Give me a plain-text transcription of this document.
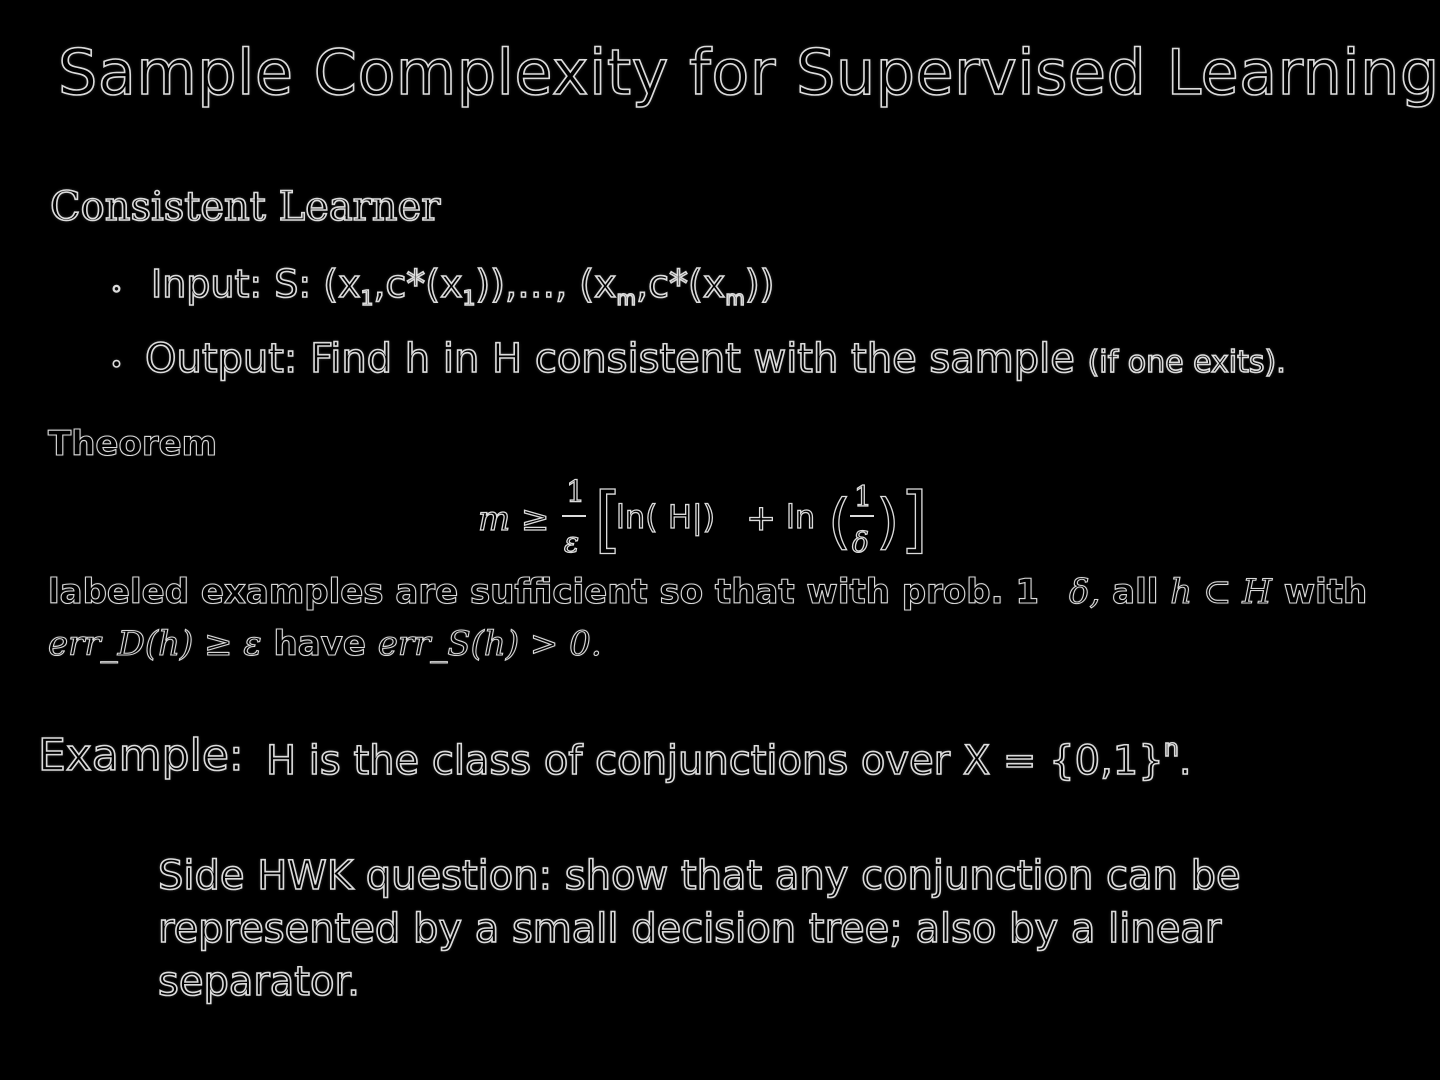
Sample Complexity for Supervised Learning
Consistent Learner
◦ Input: S: $(x_1,c*(x_1)),\dots$, $(x_m,c*(x_m))$
• Output: Find h in H consistent with the sample
(if one exits).
Theorem
m ≥
1
ε [
ln( H|) + ln ( 1
δ ) ]
labeled examples are sufficient so that with prob. 1 δ, all h ⊂ H with
err_D(h) ≥ ε have err_S(h) > 0.
Example: H is the class of conjunctions over $X = \{0,1\}^n$.
Side HWK question: show that any conjunction can be
represented by a small decision tree; also by a linear
separator.
